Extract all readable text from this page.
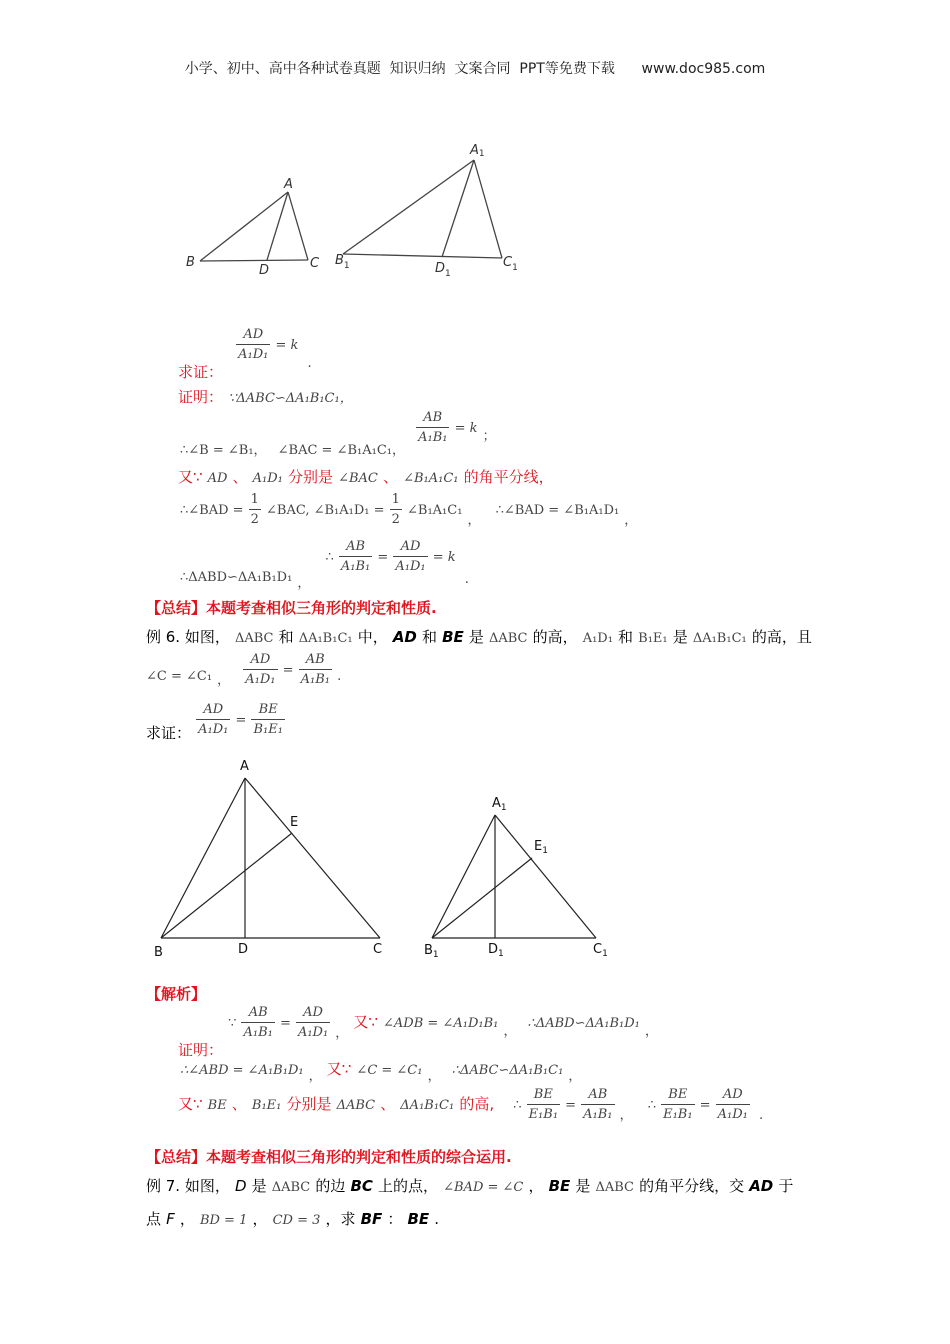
小学、初中、高中各种试卷真题  知识归纳  文案合同  PPT等免费下载      www.doc985.com
A
B	C
D
A1
$B_1$	$C_1$
$D_1$
求证：
$\frac{AD}{\text{A₁D₁}} = k$ $_.$
证明： ∵ΔABC∽ΔA₁B₁C₁，
$_{\therefore\angle B = \angle B_1,}$ $_{\angle BAC = \angle B_1A_1C_1,}$
$\frac{AB}{\text{A₁B₁}} = k$ $_;$
又∵ AD 、 A₁D₁ 分别是 ∠BAC 、 ∠B₁A₁C₁ 的角平分线，
∴∠BAD = $\frac{1}{2}$ ∠BAC, ∠B₁A₁D₁ = $\frac{1}{2}$ ∠B₁A₁C₁ $_,$ ∴∠BAD = ∠B₁A₁D₁ $_,$
$_{\therefore\Delta ABD∽\Delta A_1B_1D_1}$ $_,$ ∴ $\frac{AB}{\text{A₁B₁}} = \frac{AD}{\text{A₁D₁}} = k$ $_.$
【总结】本题考查相似三角形的判定和性质.
例 6. 如图， ΔABC 和 ΔA₁B₁C₁ 中， AD 和 BE 是 ΔABC 的高， A₁D₁ 和 B₁E₁ 是 ΔA₁B₁C₁ 的高，且
$_{\angle C = \angle C_1}$ $_, \frac{AD}{\text{A₁D₁}} = \frac{AB}{\text{A₁B₁}} _.$
求证： $\frac{AD}{\text{A₁D₁}} = \frac{BE}{\text{B₁E₁}}$
A
B	C
D
E
$A_1$
$B_1$	$C_1$
$D_1$
$E_1$
【解析】
证明： ∵ $\frac{AB}{\text{A₁B₁}} = \frac{AD}{\text{A₁D₁}} _,$ 又∵ ∠ADB = ∠A₁D₁B₁ $_,$ ∴ΔABD∽ΔA₁B₁D₁ $_,$
∴∠ABD = ∠A₁B₁D₁ $_,$ 又∵ ∠C = ∠C₁ $_,$ ∴ΔABC∽ΔA₁B₁C₁ $_,$
又∵ BE 、 B₁E₁ 分别是 ΔABC 、 ΔA₁B₁C₁ 的高, ∴ $\frac{BE}{\text{E₁B₁}} = \frac{AB}{\text{A₁B₁}} _,$ ∴ $\frac{BE}{\text{E₁B₁}} = \frac{AD}{\text{A₁D₁}} _.$
【总结】本题考查相似三角形的判定和性质的综合运用.
例 7. 如图， D 是 ΔABC 的边 BC 上的点， ∠BAD = ∠C ， BE 是 ΔABC 的角平分线，交 AD 于
点 F ， BD = 1 ， CD = 3 ，求 BF ： BE .
